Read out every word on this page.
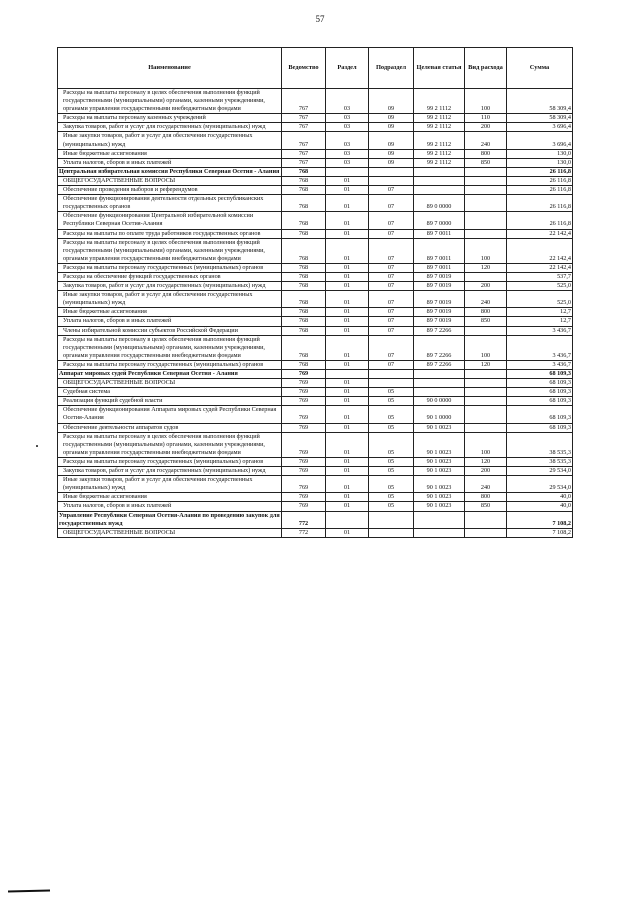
57
Наименование	Ведомство	Раздел	Подраздел	Целевая статья	Вид расхода	Сумма
Расходы на выплаты персоналу в целях обеспечения выполнения функций государственными (муниципальными) органами, казенными учреждениями, органами управления государственными внебюджетными фондами	767	03	09	99 2 1112	100	58 309,4
Расходы на выплаты персоналу казенных учреждений	767	03	09	99 2 1112	110	58 309,4
Закупка товаров, работ и услуг для государственных (муниципальных) нужд	767	03	09	99 2 1112	200	3 696,4
Иные закупки товаров, работ и услуг для обеспечения государственных (муниципальных) нужд	767	03	09	99 2 1112	240	3 696,4
Иные бюджетные ассигнования	767	03	09	99 2 1112	800	130,0
Уплата налогов, сборов и иных платежей	767	03	09	99 2 1112	850	130,0
Центральная избирательная комиссия Республики Северная Осетия - Алания	768					26 116,8
ОБЩЕГОСУДАРСТВЕННЫЕ ВОПРОСЫ	768	01				26 116,8
Обеспечение проведения выборов и референдумов	768	01	07			26 116,8
Обеспечение функционирования деятельности отдельных республиканских государственных органов	768	01	07	89 0 0000		26 116,8
Обеспечение функционирования Центральной избирательной комиссии Республики Северная Осетия-Алания	768	01	07	89 7 0000		26 116,8
Расходы на выплаты по оплате труда работников государственных органов	768	01	07	89 7 0011		22 142,4
Расходы на выплаты персоналу в целях обеспечения выполнения функций государственными (муниципальными) органами, казенными учреждениями, органами управления государственными внебюджетными фондами	768	01	07	89 7 0011	100	22 142,4
Расходы на выплаты персоналу государственных (муниципальных) органов	768	01	07	89 7 0011	120	22 142,4
Расходы на обеспечение функций государственных органов	768	01	07	89 7 0019		537,7
Закупка товаров, работ и услуг для государственных (муниципальных) нужд	768	01	07	89 7 0019	200	525,0
Иные закупки товаров, работ и услуг для обеспечения государственных (муниципальных) нужд	768	01	07	89 7 0019	240	525,0
Иные бюджетные ассигнования	768	01	07	89 7 0019	800	12,7
Уплата налогов, сборов и иных платежей	768	01	07	89 7 0019	850	12,7
Члены избирательной комиссии субъектов Российской Федерации	768	01	07	89 7 2266		3 436,7
Расходы на выплаты персоналу в целях обеспечения выполнения функций государственными (муниципальными) органами, казенными учреждениями, органами управления государственными внебюджетными фондами	768	01	07	89 7 2266	100	3 436,7
Расходы на выплаты персоналу государственных (муниципальных) органов	768	01	07	89 7 2266	120	3 436,7
Аппарат мировых судей Республики Северная Осетия - Алания	769					68 109,3
ОБЩЕГОСУДАРСТВЕННЫЕ ВОПРОСЫ	769	01				68 109,3
Судебная система	769	01	05			68 109,3
Реализация функций судебной власти	769	01	05	90 0 0000		68 109,3
Обеспечение функционирования Аппарата мировых судей Республики Северная Осетия-Алания	769	01	05	90 1 0000		68 109,3
Обеспечение деятельности аппаратов судов	769	01	05	90 1 0023		68 109,3
Расходы на выплаты персоналу в целях обеспечения выполнения функций государственными (муниципальными) органами, казенными учреждениями, органами управления государственными внебюджетными фондами	769	01	05	90 1 0023	100	38 535,3
Расходы на выплаты персоналу государственных (муниципальных) органов	769	01	05	90 1 0023	120	38 535,3
Закупка товаров, работ и услуг для государственных (муниципальных) нужд	769	01	05	90 1 0023	200	29 534,0
Иные закупки товаров, работ и услуг для обеспечения государственных (муниципальных) нужд	769	01	05	90 1 0023	240	29 534,0
Иные бюджетные ассигнования	769	01	05	90 1 0023	800	40,0
Уплата налогов, сборов и иных платежей	769	01	05	90 1 0023	850	40,0
Управление Республики Северная Осетия-Алания по проведению закупок для государственных нужд	772					7 108,2
ОБЩЕГОСУДАРСТВЕННЫЕ ВОПРОСЫ	772	01				7 108,2
